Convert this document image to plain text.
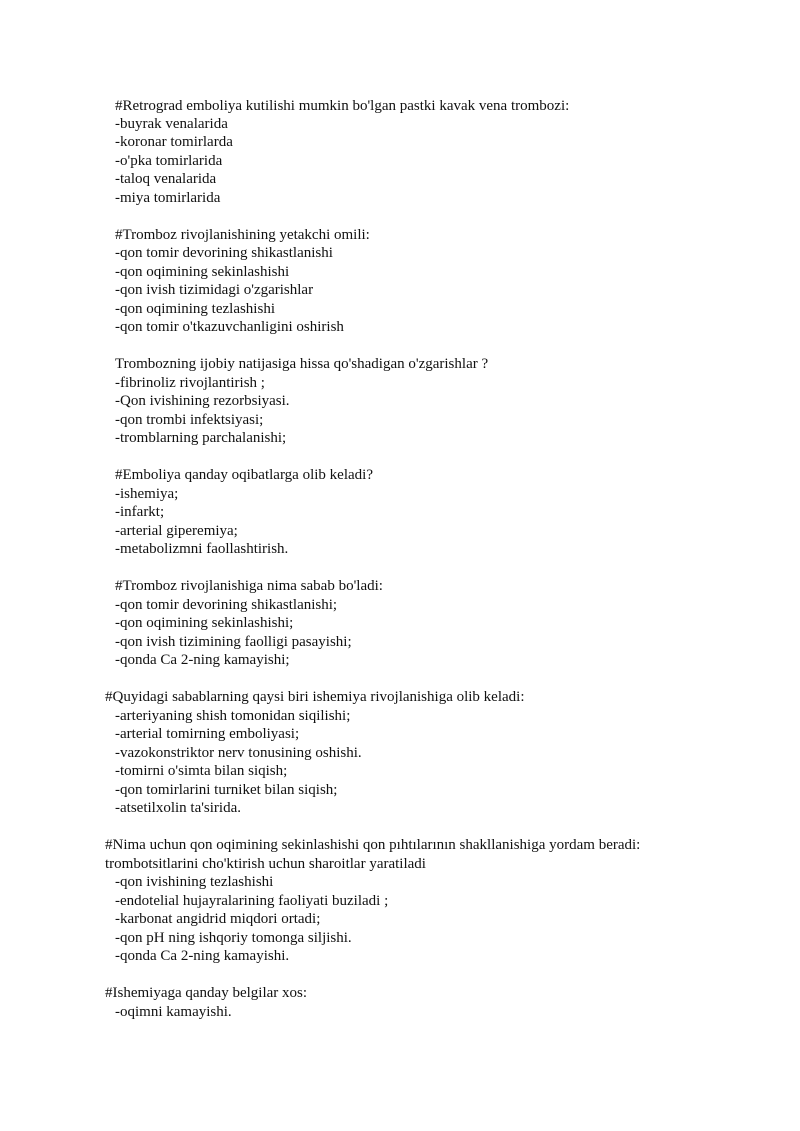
#Retrograd emboliya kutilishi mumkin bo'lgan pastki kavak vena trombozi:
-buyrak venalarida
-koronar tomirlarda
-o'pka tomirlarida
-taloq venalarida
-miya tomirlarida
#Tromboz rivojlanishining yetakchi omili:
-qon tomir devorining shikastlanishi
-qon oqimining sekinlashishi
-qon ivish tizimidagi o'zgarishlar
-qon oqimining tezlashishi
-qon tomir o'tkazuvchanligini oshirish
Trombozning ijobiy natijasiga hissa qo'shadigan o'zgarishlar ?
-fibrinoliz rivojlantirish ;
-Qon ivishining rezorbsiyasi.
-qon trombi infektsiyasi;
-tromblarning parchalanishi;
#Emboliya qanday oqibatlarga olib keladi?
-ishemiya;
-infarkt;
-arterial giperemiya;
-metabolizmni faollashtirish.
#Tromboz rivojlanishiga nima sabab bo'ladi:
-qon tomir devorining shikastlanishi;
-qon oqimining sekinlashishi;
-qon ivish tizimining faolligi pasayishi;
-qonda Ca 2-ning kamayishi;
#Quyidagi sabablarning qaysi biri ishemiya rivojlanishiga olib keladi:
-arteriyaning shish tomonidan siqilishi;
-arterial tomirning emboliyasi;
-vazokonstriktor nerv tonusining oshishi.
-tomirni o'simta bilan siqish;
-qon tomirlarini turniket bilan siqish;
-atsetilxolin ta'sirida.
#Nima uchun qon oqimining sekinlashishi qon pıhtılarının shakllanishiga yordam beradi:
trombotsitlarini cho'ktirish uchun sharoitlar yaratiladi
-qon ivishining tezlashishi
-endotelial hujayralarining faoliyati buziladi ;
-karbonat angidrid miqdori ortadi;
-qon pH ning ishqoriy tomonga siljishi.
-qonda Ca 2-ning kamayishi.
#Ishemiyaga qanday belgilar xos:
-oqimni kamayishi.
